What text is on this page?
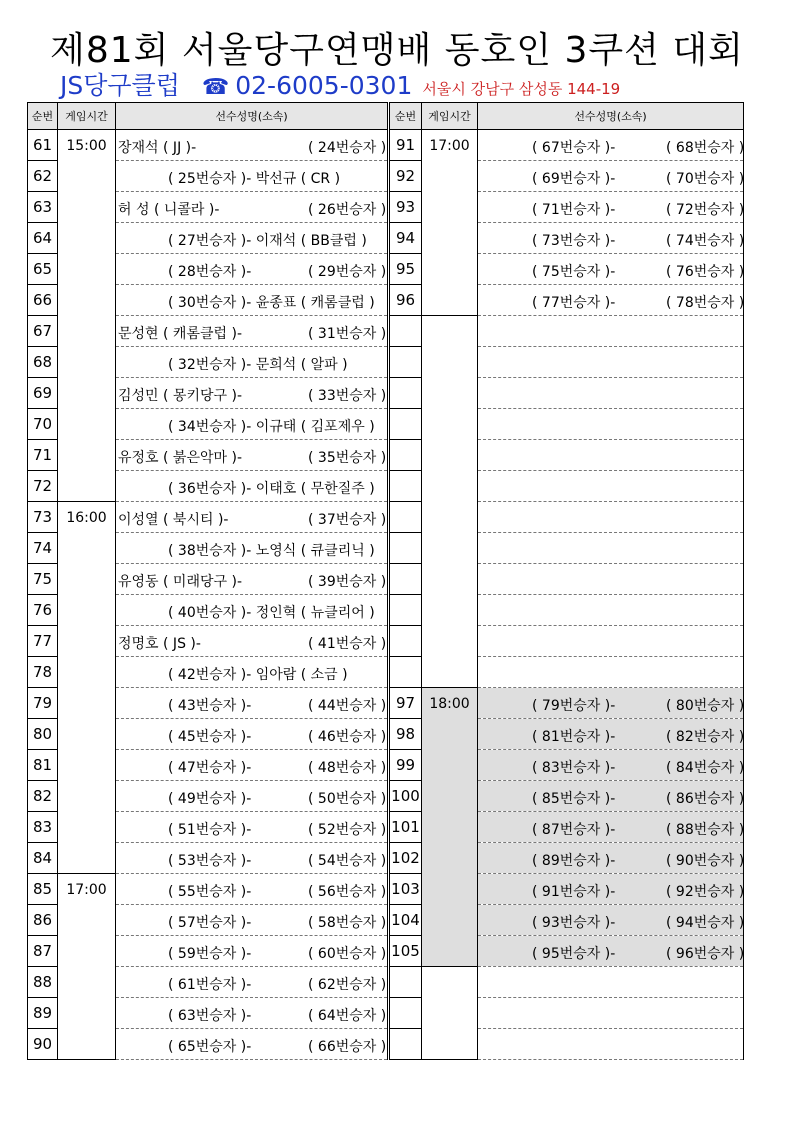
제81회 서울당구연맹배 동호인 3쿠션 대회
JS당구클럽 ☎ 02-6005-0301 서울시 강남구 삼성동 144-19
순번	게임시간	선수성명(소속)
61	15:00	장재석 ( JJ )- ( 24번승자 )

62		( 25번승자 )- 박선규 ( CR )

63		허 성 ( 니콜라 )- ( 26번승자 )

64		( 27번승자 )- 이재석 ( BB클럽 )

65		( 28번승자 )- ( 29번승자 )

66		( 30번승자 )- 윤종표 ( 캐롬클럽 )

67		문성현 ( 캐롬클럽 )- ( 31번승자 )

68		( 32번승자 )- 문희석 ( 알파 )

69		김성민 ( 몽키당구 )- ( 33번승자 )

70		( 34번승자 )- 이규태 ( 김포제우 )

71		유정호 ( 붉은악마 )- ( 35번승자 )

72		( 36번승자 )- 이태호 ( 무한질주 )

73	16:00	이성열 ( 북시티 )- ( 37번승자 )

74		( 38번승자 )- 노영식 ( 큐클리닉 )

75		유영동 ( 미래당구 )- ( 39번승자 )

76		( 40번승자 )- 정인혁 ( 뉴클리어 )

77		정명호 ( JS )- ( 41번승자 )

78		( 42번승자 )- 임아람 ( 소금 )

79		( 43번승자 )- ( 44번승자 )

80		( 45번승자 )- ( 46번승자 )

81		( 47번승자 )- ( 48번승자 )

82		( 49번승자 )- ( 50번승자 )

83		( 51번승자 )- ( 52번승자 )

84		( 53번승자 )- ( 54번승자 )

85	17:00	( 55번승자 )- ( 56번승자 )

86		( 57번승자 )- ( 58번승자 )

87		( 59번승자 )- ( 60번승자 )

88		( 61번승자 )- ( 62번승자 )

89		( 63번승자 )- ( 64번승자 )

90		( 65번승자 )- ( 66번승자 )
순번	게임시간	선수성명(소속)
91	17:00	( 67번승자 )- ( 68번승자 )

92		( 69번승자 )- ( 70번승자 )

93		( 71번승자 )- ( 72번승자 )

94		( 73번승자 )- ( 74번승자 )

95		( 75번승자 )- ( 76번승자 )

96		( 77번승자 )- ( 78번승자 )

97	18:00	( 79번승자 )- ( 80번승자 )

98		( 81번승자 )- ( 82번승자 )

99		( 83번승자 )- ( 84번승자 )

100		( 85번승자 )- ( 86번승자 )

101		( 87번승자 )- ( 88번승자 )

102		( 89번승자 )- ( 90번승자 )

103		( 91번승자 )- ( 92번승자 )

104		( 93번승자 )- ( 94번승자 )

105		( 95번승자 )- ( 96번승자 )
